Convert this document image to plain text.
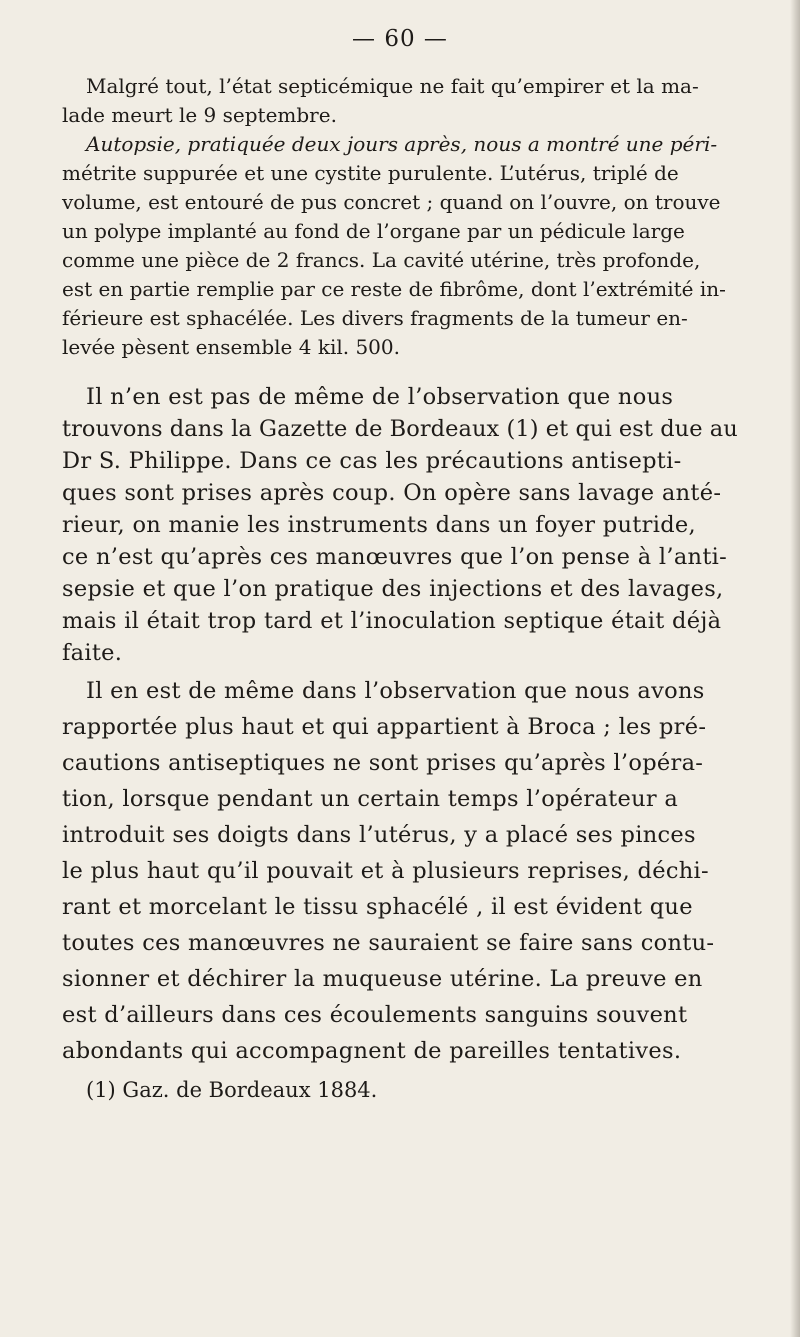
— 60 —
Malgré tout, l’état septicémique ne fait qu’empirer et la ma-
lade meurt le 9 septembre.
Autopsie, pratiquée deux jours après, nous a montré une péri-
métrite suppurée et une cystite purulente. L’utérus, triplé de
volume, est entouré de pus concret ; quand on l’ouvre, on trouve
un polype implanté au fond de l’organe par un pédicule large
comme une pièce de 2 francs. La cavité utérine, très profonde,
est en partie remplie par ce reste de fibrôme, dont l’extrémité in-
férieure est sphacélée. Les divers fragments de la tumeur en-
levée pèsent ensemble 4 kil. 500.
Il n’en est pas de même de l’observation que nous
trouvons dans la Gazette de Bordeaux (1) et qui est due au
Dr S. Philippe. Dans ce cas les précautions antisepti-
ques sont prises après coup. On opère sans lavage anté-
rieur, on manie les instruments dans un foyer putride,
ce n’est qu’après ces manœuvres que l’on pense à l’anti-
sepsie et que l’on pratique des injections et des lavages,
mais il était trop tard et l’inoculation septique était déjà
faite.
Il en est de même dans l’observation que nous avons
rapportée plus haut et qui appartient à Broca ; les pré-
cautions antiseptiques ne sont prises qu’après l’opéra-
tion, lorsque pendant un certain temps l’opérateur a
introduit ses doigts dans l’utérus, y a placé ses pinces
le plus haut qu’il pouvait et à plusieurs reprises, déchi-
rant et morcelant le tissu sphacélé , il est évident que
toutes ces manœuvres ne sauraient se faire sans contu-
sionner et déchirer la muqueuse utérine. La preuve en
est d’ailleurs dans ces écoulements sanguins souvent
abondants qui accompagnent de pareilles tentatives.
(1) Gaz. de Bordeaux 1884.
